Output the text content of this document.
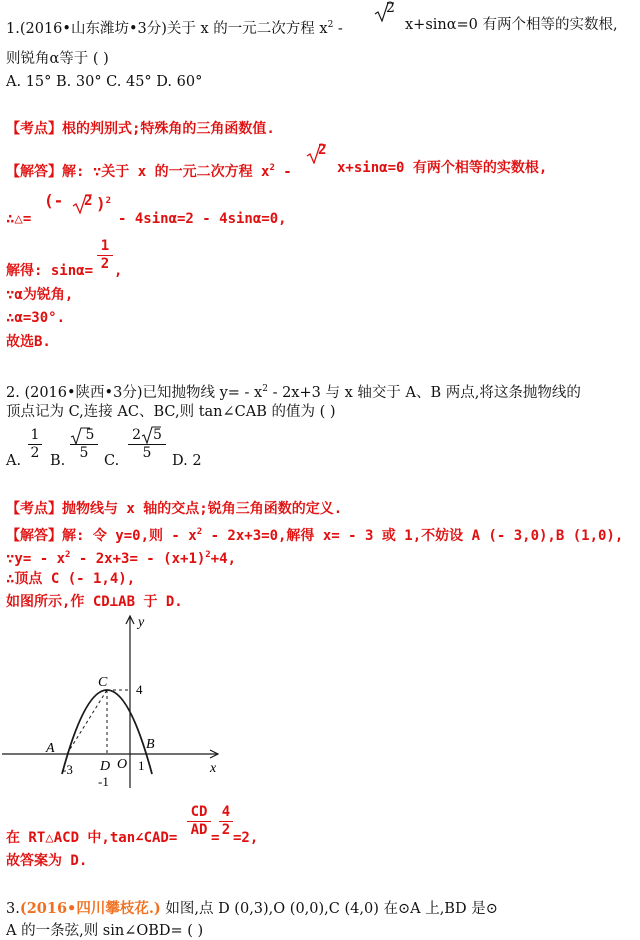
1.(2016•山东潍坊•3分)关于 x 的一元二次方程 $x^2$ -
2
x+sinα=0 有两个相等的实数根,
则锐角α等于 ( )
A. 15° B. 30° C. 45° D. 60°
【考点】根的判别式;特殊角的三角函数值.
【解答】解: ∵关于 x 的一元二次方程 $x^2$ -
2
x+sinα=0 有两个相等的实数根,
∴△=
(- 2 )$^2$
- 4sinα=2 - 4sinα=0,
解得: $\sin\alpha= \frac{1}{2}$ ,
∵α为锐角,
∴α=30°.
故选B.
2. (2016•陕西•3分)已知抛物线 $y= - x^2 - 2x+3$ 与 x 轴交于 A、B 两点,将这条抛物线的
顶点记为 C,连接 AC、BC,则 tan∠CAB 的值为 ( )
A. $\frac{1}{2} B$. $\frac{5}{5} C$. $\frac{2 5}{5} D$. 2
【考点】抛物线与 x 轴的交点;锐角三角函数的定义.
【解答】解: 令 y=0,则 - $x^2 - 2x+3=0$,解得 x= - 3 或 1,不妨设 A (- 3,0),B (1,0),
∵y= - $x^2 - 2x+3= - (x+1)^2+4$,
∴顶点 C (- 1,4),
如图所示,作 CD⊥AB 于 D.
y
x
C 4
A	B
-3 D O 1
-1
在 RT△ACD 中,tan∠CAD= $\frac{CD}{AD} = \frac{4}{2} =2$,
故答案为 D.
3.(2016•四川攀枝花.) 如图,点 D (0,3),O (0,0),C (4,0) 在⊙A 上,BD 是⊙
A 的一条弦,则 sin∠OBD= ( )
